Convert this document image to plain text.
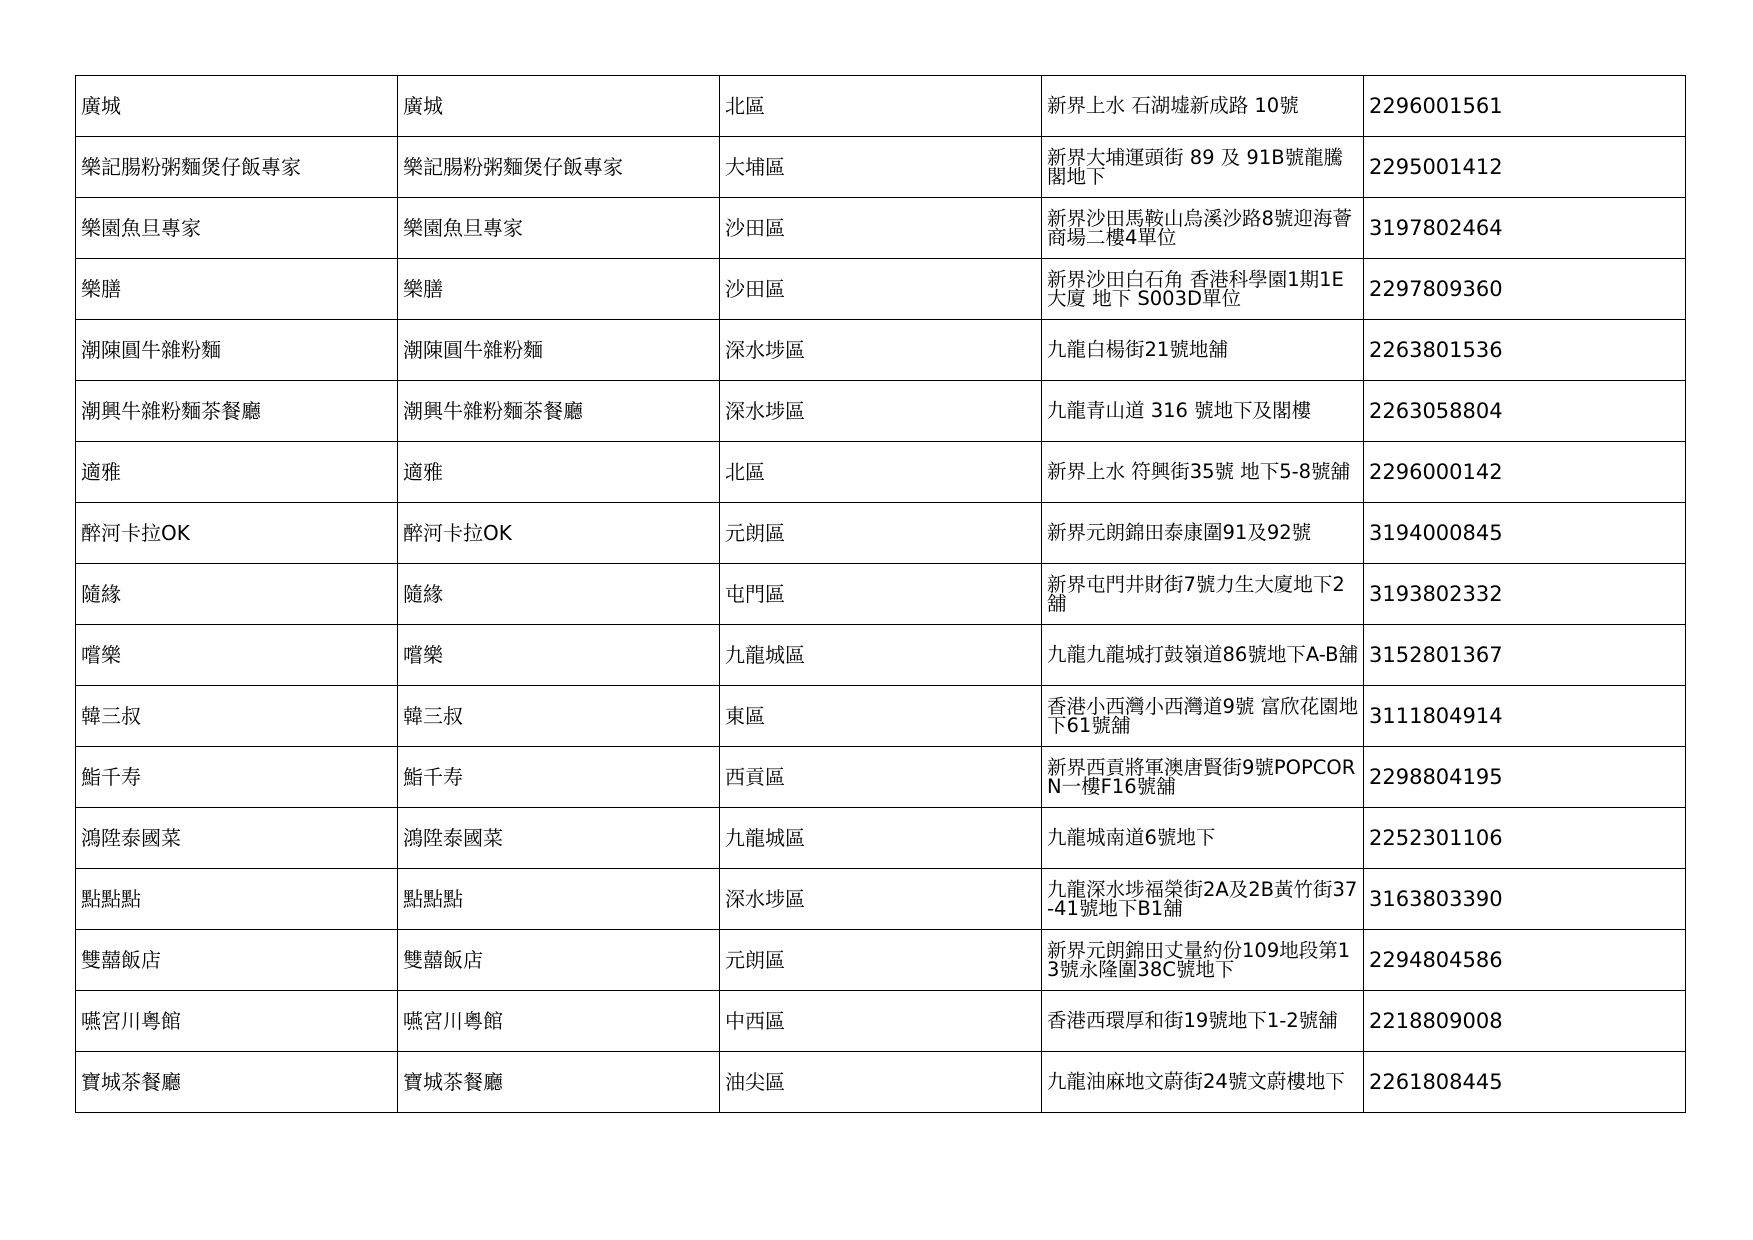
廣城	廣城	北區	新界上水 石湖墟新成路 10號	2296001561
樂記腸粉粥麵煲仔飯專家	樂記腸粉粥麵煲仔飯專家	大埔區	新界大埔運頭街 89 及 91B號龍騰閣地下	2295001412
樂園魚旦專家	樂園魚旦專家	沙田區	新界沙田馬鞍山烏溪沙路8號迎海薈商場二樓4單位	3197802464
樂膳	樂膳	沙田區	新界沙田白石角 香港科學園1期1E大廈 地下 S003D單位	2297809360
潮陳圓牛雜粉麵	潮陳圓牛雜粉麵	深水埗區	九龍白楊街21號地舖	2263801536
潮興牛雜粉麵茶餐廳	潮興牛雜粉麵茶餐廳	深水埗區	九龍青山道 316 號地下及閣樓	2263058804
適雅	適雅	北區	新界上水 符興街35號 地下5-8號舖	2296000142
醉河卡拉OK	醉河卡拉OK	元朗區	新界元朗錦田泰康圍91及92號	3194000845
隨緣	隨緣	屯門區	新界屯門井財街7號力生大廈地下2舖	3193802332
嚐樂	嚐樂	九龍城區	九龍九龍城打鼓嶺道86號地下A-B舖	3152801367
韓三叔	韓三叔	東區	香港小西灣小西灣道9號 富欣花園地下61號舖	3111804914
鮨千寿	鮨千寿	西貢區	新界西貢將軍澳唐賢街9號POPCORN一樓F16號舖	2298804195
鴻陞泰國菜	鴻陞泰國菜	九龍城區	九龍城南道6號地下	2252301106
點點點	點點點	深水埗區	九龍深水埗福榮街2A及2B黃竹街37-41號地下B1舖	3163803390
雙囍飯店	雙囍飯店	元朗區	新界元朗錦田丈量約份109地段第13號永隆圍38C號地下	2294804586
嚥宮川粵館	嚥宮川粵館	中西區	香港西環厚和街19號地下1-2號舖	2218809008
寶城茶餐廳	寶城茶餐廳	油尖區	九龍油麻地文蔚街24號文蔚樓地下	2261808445
